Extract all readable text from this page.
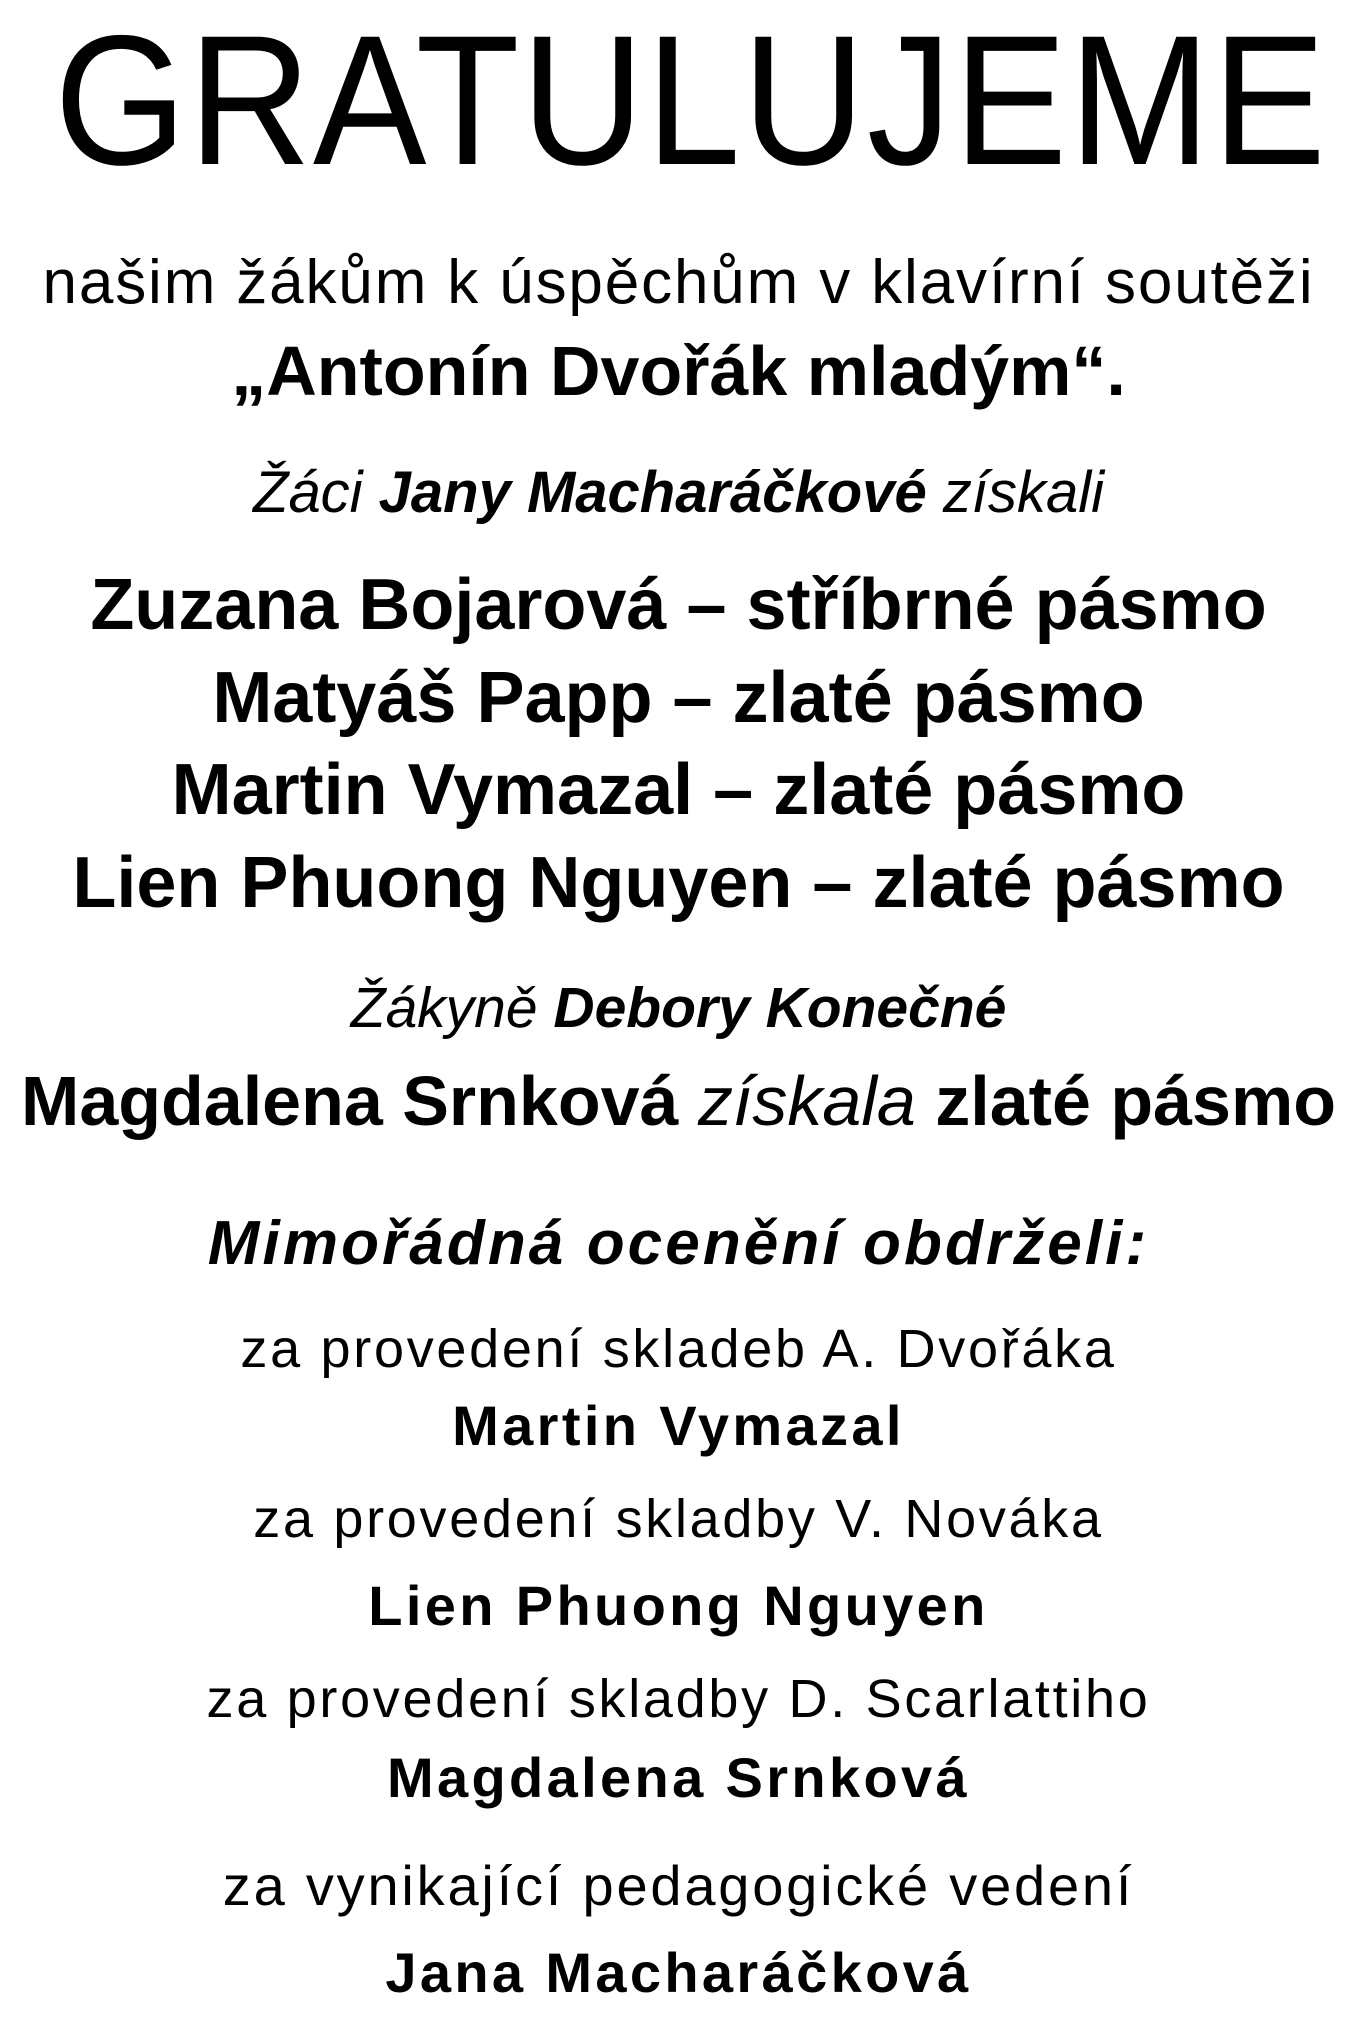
GRATULUJEME
našim žákům k úspěchům v klavírní soutěži
„Antonín Dvořák mladým“.
Žáci Jany Macharáčkové získali
Zuzana Bojarová – stříbrné pásmo
Matyáš Papp – zlaté pásmo
Martin Vymazal – zlaté pásmo
Lien Phuong Nguyen – zlaté pásmo
Žákyně Debory Konečné
Magdalena Srnková získala zlaté pásmo
Mimořádná ocenění obdrželi:
za provedení skladeb A. Dvořáka
Martin Vymazal
za provedení skladby V. Nováka
Lien Phuong Nguyen
za provedení skladby D. Scarlattiho
Magdalena Srnková
za vynikající pedagogické vedení
Jana Macharáčková
